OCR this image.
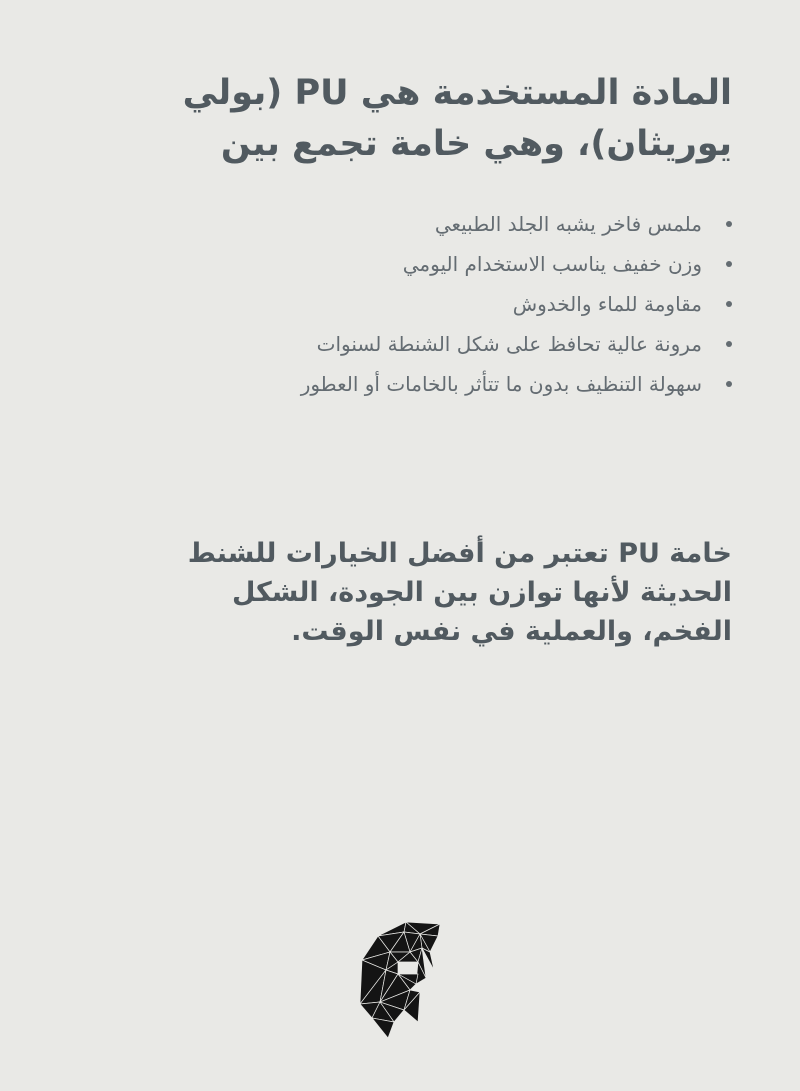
المادة المستخدمة هي PU (بولي
يوريثان)، وهي خامة تجمع بين
ملمس فاخر يشبه الجلد الطبيعي
وزن خفيف يناسب الاستخدام اليومي
مقاومة للماء والخدوش
مرونة عالية تحافظ على شكل الشنطة لسنوات
سهولة التنظيف بدون ما تتأثر بالخامات أو العطور

خامة PU تعتبر من أفضل الخيارات للشنط
الحديثة لأنها توازن بين الجودة، الشكل
الفخم، والعملية في نفس الوقت.
